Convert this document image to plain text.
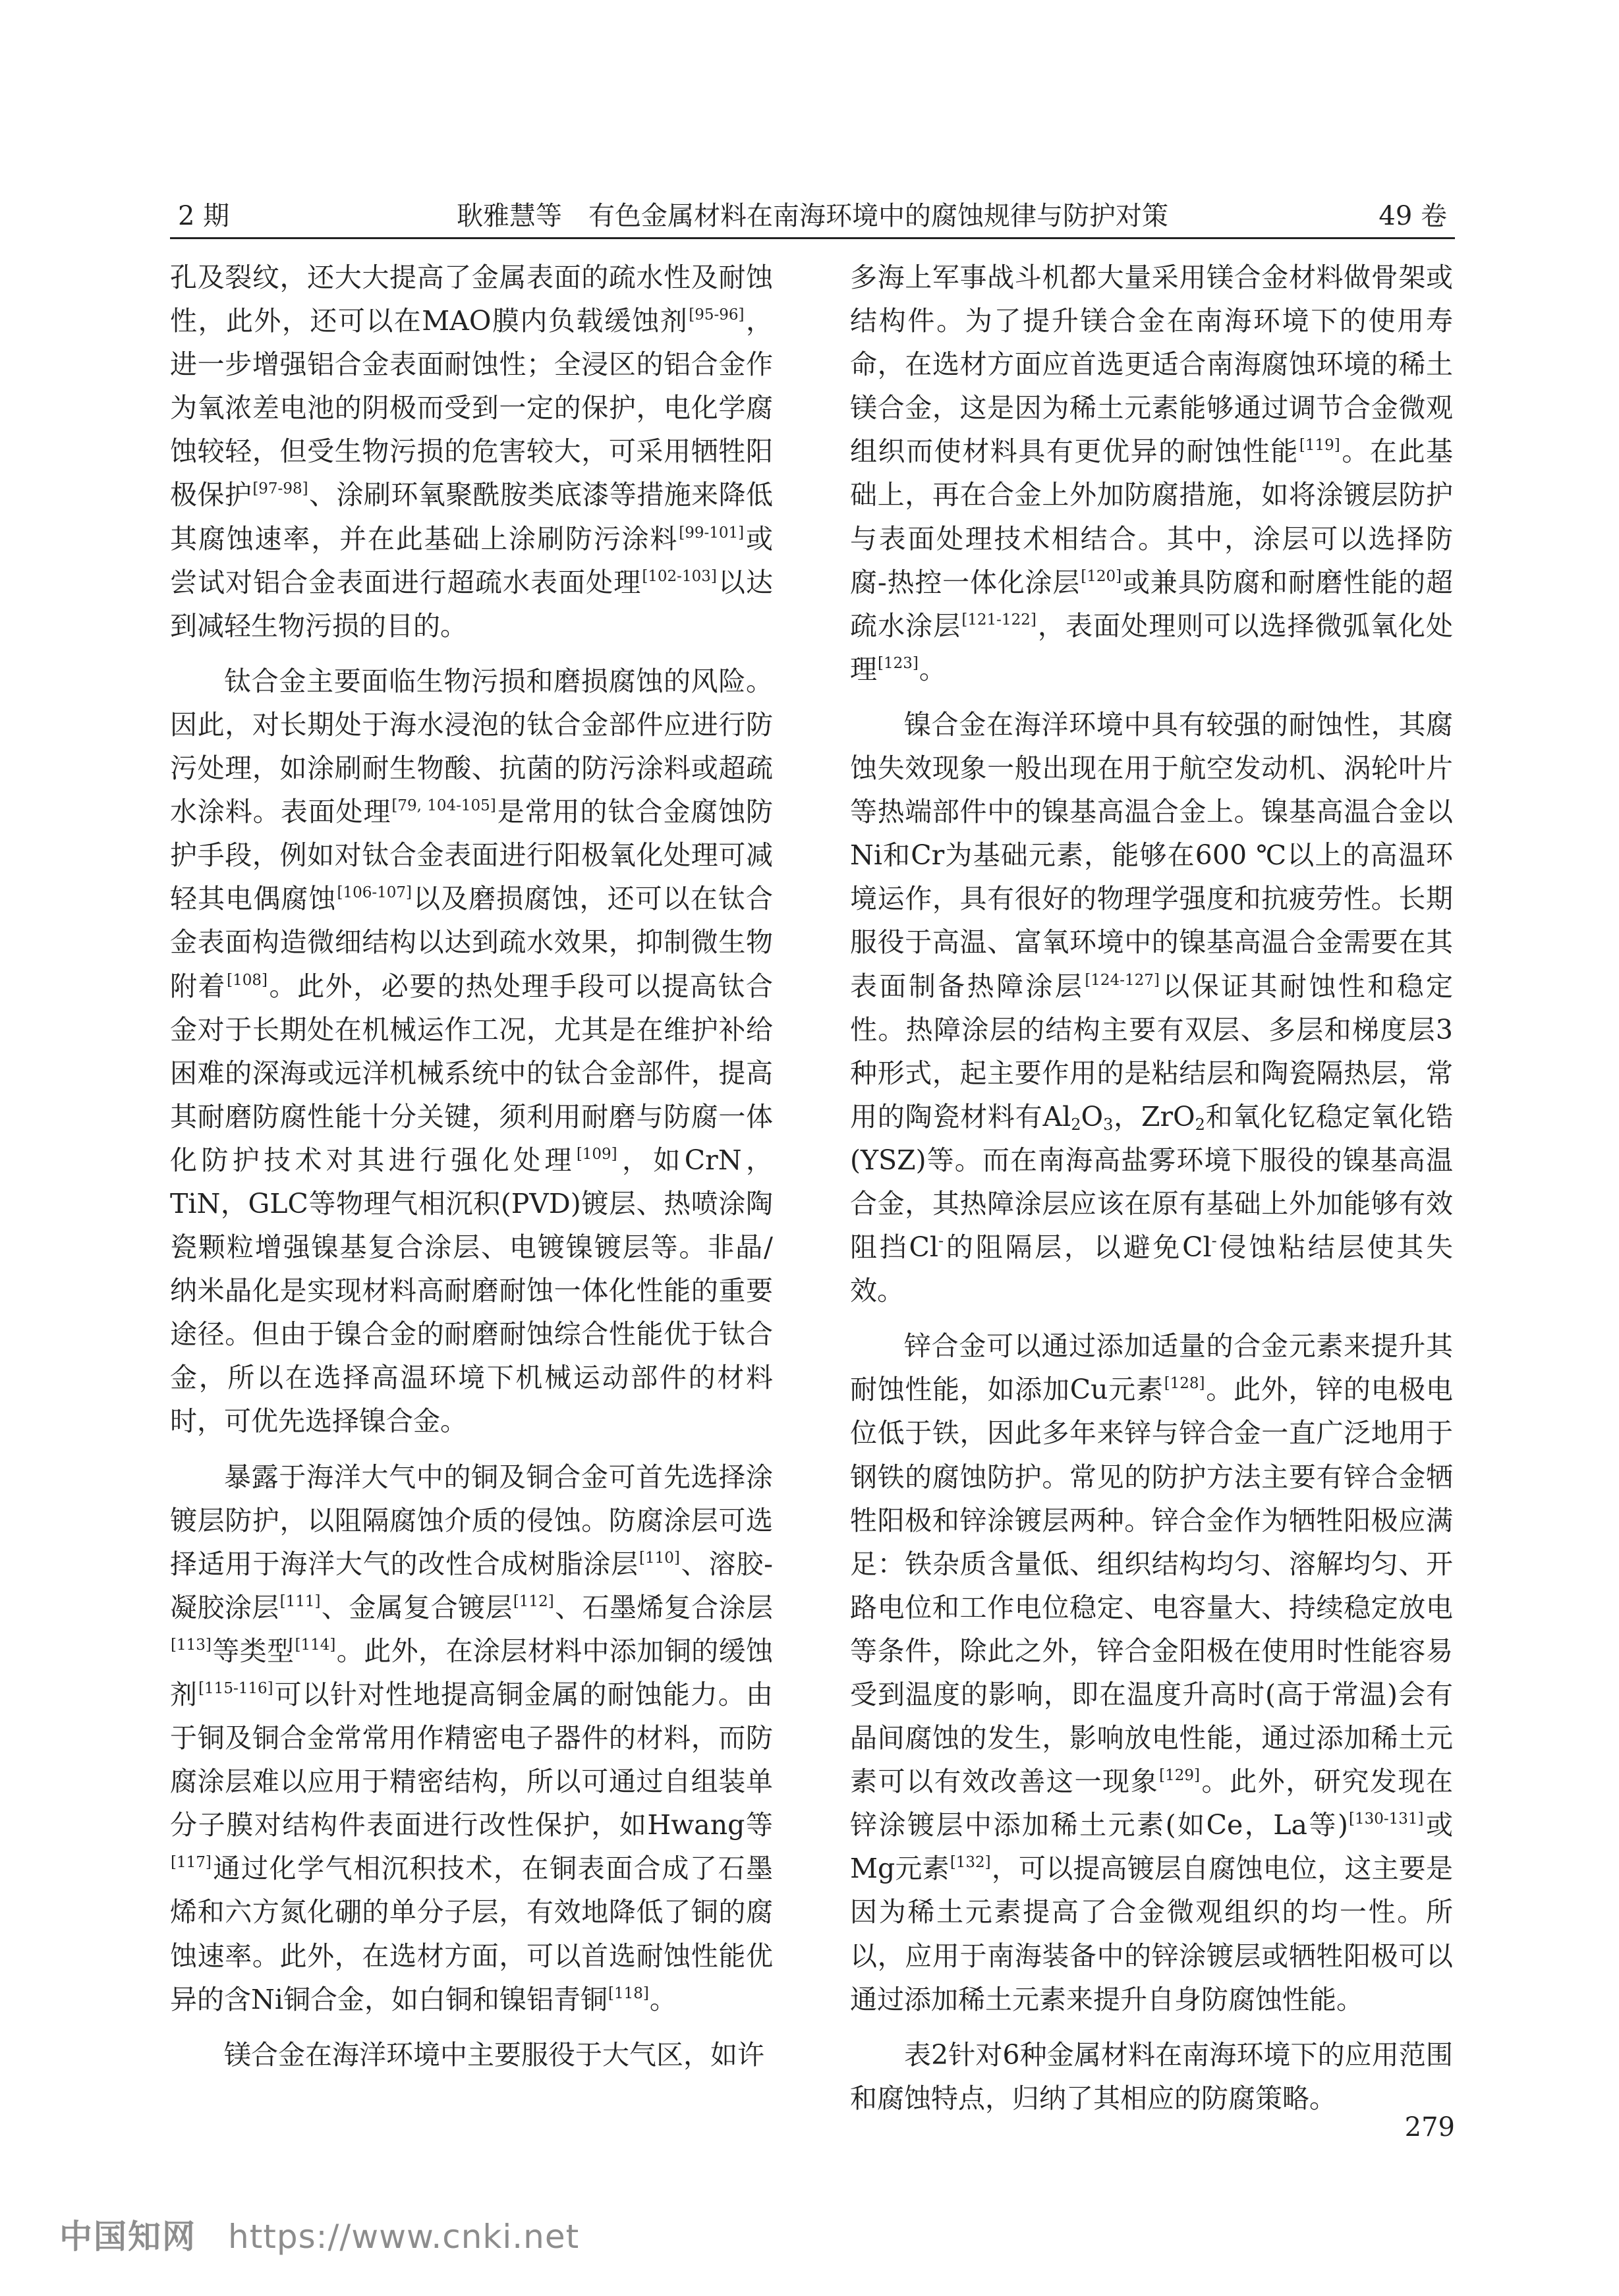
2 期	耿雅慧等　有色金属材料在南海环境中的腐蚀规律与防护对策	49 卷

孔及裂纹，还大大提高了金属表面的疏水性及耐蚀性，此外，还可以在MAO膜内负载缓蚀剂[95-96]，进一步增强铝合金表面耐蚀性；全浸区的铝合金作为氧浓差电池的阴极而受到一定的保护，电化学腐蚀较轻，但受生物污损的危害较大，可采用牺牲阳极保护[97-98]、涂刷环氧聚酰胺类底漆等措施来降低其腐蚀速率，并在此基础上涂刷防污涂料[99-101]或尝试对铝合金表面进行超疏水表面处理[102-103]以达到减轻生物污损的目的。

钛合金主要面临生物污损和磨损腐蚀的风险。因此，对长期处于海水浸泡的钛合金部件应进行防污处理，如涂刷耐生物酸、抗菌的防污涂料或超疏水涂料。表面处理[79, 104-105]是常用的钛合金腐蚀防护手段，例如对钛合金表面进行阳极氧化处理可减轻其电偶腐蚀[106-107]以及磨损腐蚀，还可以在钛合金表面构造微细结构以达到疏水效果，抑制微生物附着[108]。此外，必要的热处理手段可以提高钛合金对于长期处在机械运作工况，尤其是在维护补给困难的深海或远洋机械系统中的钛合金部件，提高其耐磨防腐性能十分关键，须利用耐磨与防腐一体化防护技术对其进行强化处理[109]，如CrN，TiN，GLC等物理气相沉积(PVD)镀层、热喷涂陶瓷颗粒增强镍基复合涂层、电镀镍镀层等。非晶/纳米晶化是实现材料高耐磨耐蚀一体化性能的重要途径。但由于镍合金的耐磨耐蚀综合性能优于钛合金，所以在选择高温环境下机械运动部件的材料时，可优先选择镍合金。

暴露于海洋大气中的铜及铜合金可首先选择涂镀层防护，以阻隔腐蚀介质的侵蚀。防腐涂层可选择适用于海洋大气的改性合成树脂涂层[110]、溶胶-凝胶涂层[111]、金属复合镀层[112]、石墨烯复合涂层[113]等类型[114]。此外，在涂层材料中添加铜的缓蚀剂[115-116]可以针对性地提高铜金属的耐蚀能力。由于铜及铜合金常常用作精密电子器件的材料，而防腐涂层难以应用于精密结构，所以可通过自组装单分子膜对结构件表面进行改性保护，如Hwang等[117]通过化学气相沉积技术，在铜表面合成了石墨烯和六方氮化硼的单分子层，有效地降低了铜的腐蚀速率。此外，在选材方面，可以首选耐蚀性能优异的含Ni铜合金，如白铜和镍铝青铜[118]。

镁合金在海洋环境中主要服役于大气区，如许

多海上军事战斗机都大量采用镁合金材料做骨架或结构件。为了提升镁合金在南海环境下的使用寿命，在选材方面应首选更适合南海腐蚀环境的稀土镁合金，这是因为稀土元素能够通过调节合金微观组织而使材料具有更优异的耐蚀性能[119]。在此基础上，再在合金上外加防腐措施，如将涂镀层防护与表面处理技术相结合。其中，涂层可以选择防腐-热控一体化涂层[120]或兼具防腐和耐磨性能的超疏水涂层[121-122]，表面处理则可以选择微弧氧化处理[123]。

镍合金在海洋环境中具有较强的耐蚀性，其腐蚀失效现象一般出现在用于航空发动机、涡轮叶片等热端部件中的镍基高温合金上。镍基高温合金以Ni和Cr为基础元素，能够在600 ℃以上的高温环境运作，具有很好的物理学强度和抗疲劳性。长期服役于高温、富氧环境中的镍基高温合金需要在其表面制备热障涂层[124-127]以保证其耐蚀性和稳定性。热障涂层的结构主要有双层、多层和梯度层3种形式，起主要作用的是粘结层和陶瓷隔热层，常用的陶瓷材料有$Al_2O_3$，ZrO$_2$和氧化钇稳定氧化锆(YSZ)等。而在南海高盐雾环境下服役的镍基高温合金，其热障涂层应该在原有基础上外加能够有效阻挡Cl-的阻隔层，以避免Cl-侵蚀粘结层使其失效。

锌合金可以通过添加适量的合金元素来提升其耐蚀性能，如添加Cu元素[128]。此外，锌的电极电位低于铁，因此多年来锌与锌合金一直广泛地用于钢铁的腐蚀防护。常见的防护方法主要有锌合金牺牲阳极和锌涂镀层两种。锌合金作为牺牲阳极应满足：铁杂质含量低、组织结构均匀、溶解均匀、开路电位和工作电位稳定、电容量大、持续稳定放电等条件，除此之外，锌合金阳极在使用时性能容易受到温度的影响，即在温度升高时(高于常温)会有晶间腐蚀的发生，影响放电性能，通过添加稀土元素可以有效改善这一现象[129]。此外，研究发现在锌涂镀层中添加稀土元素(如Ce，La等)[130-131]或Mg元素[132]，可以提高镀层自腐蚀电位，这主要是因为稀土元素提高了合金微观组织的均一性。所以，应用于南海装备中的锌涂镀层或牺牲阳极可以通过添加稀土元素来提升自身防腐蚀性能。

表2针对6种金属材料在南海环境下的应用范围和腐蚀特点，归纳了其相应的防腐策略。

279
中国知网 https://www.cnki.net
